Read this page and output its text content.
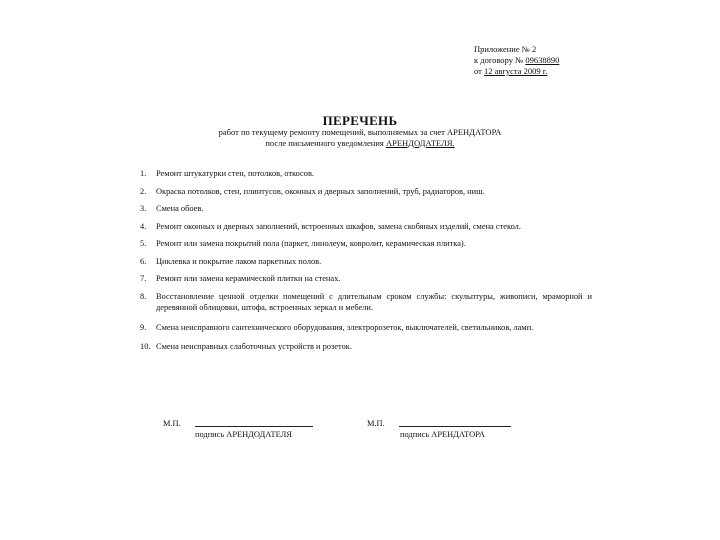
Приложение № 2
к договору № 09638890
от 12 августа 2009 г.
ПЕРЕЧЕНЬ
работ по текущему ремонту помещений, выполняемых за счет АРЕНДАТОРА
после письменного уведомления АРЕНДОДАТЕЛЯ.
1. Ремонт штукатурки стен, потолков, откосов.
2. Окраска потолков, стен, плинтусов, оконных и дверных заполнений, труб, радиаторов, ниш.
3. Смена обоев.
4. Ремонт оконных и дверных заполнений, встроенных шкафов, замена скобяных изделий, смена стекол.
5. Ремонт или замена покрытий пола (паркет, линолеум, ковролит, керамическая плитка).
6. Циклевка и покрытие лаком паркетных полов.
7. Ремонт или замена керамической плитки на стенах.
8. Восстановление ценной отделки помещений с длительным сроком службы: скульптуры, живописи, мраморной и деревянной облицовки, штофа, встроенных зеркал и мебели.
9. Смена неисправного сантехнического оборудования, электророзеток, выключателей, светильников, ламп.
10. Смена неисправных слаботочных устройств и розеток.
М.П.
подпись АРЕНДОДАТЕЛЯ
М.П.
подпись АРЕНДАТОРА
